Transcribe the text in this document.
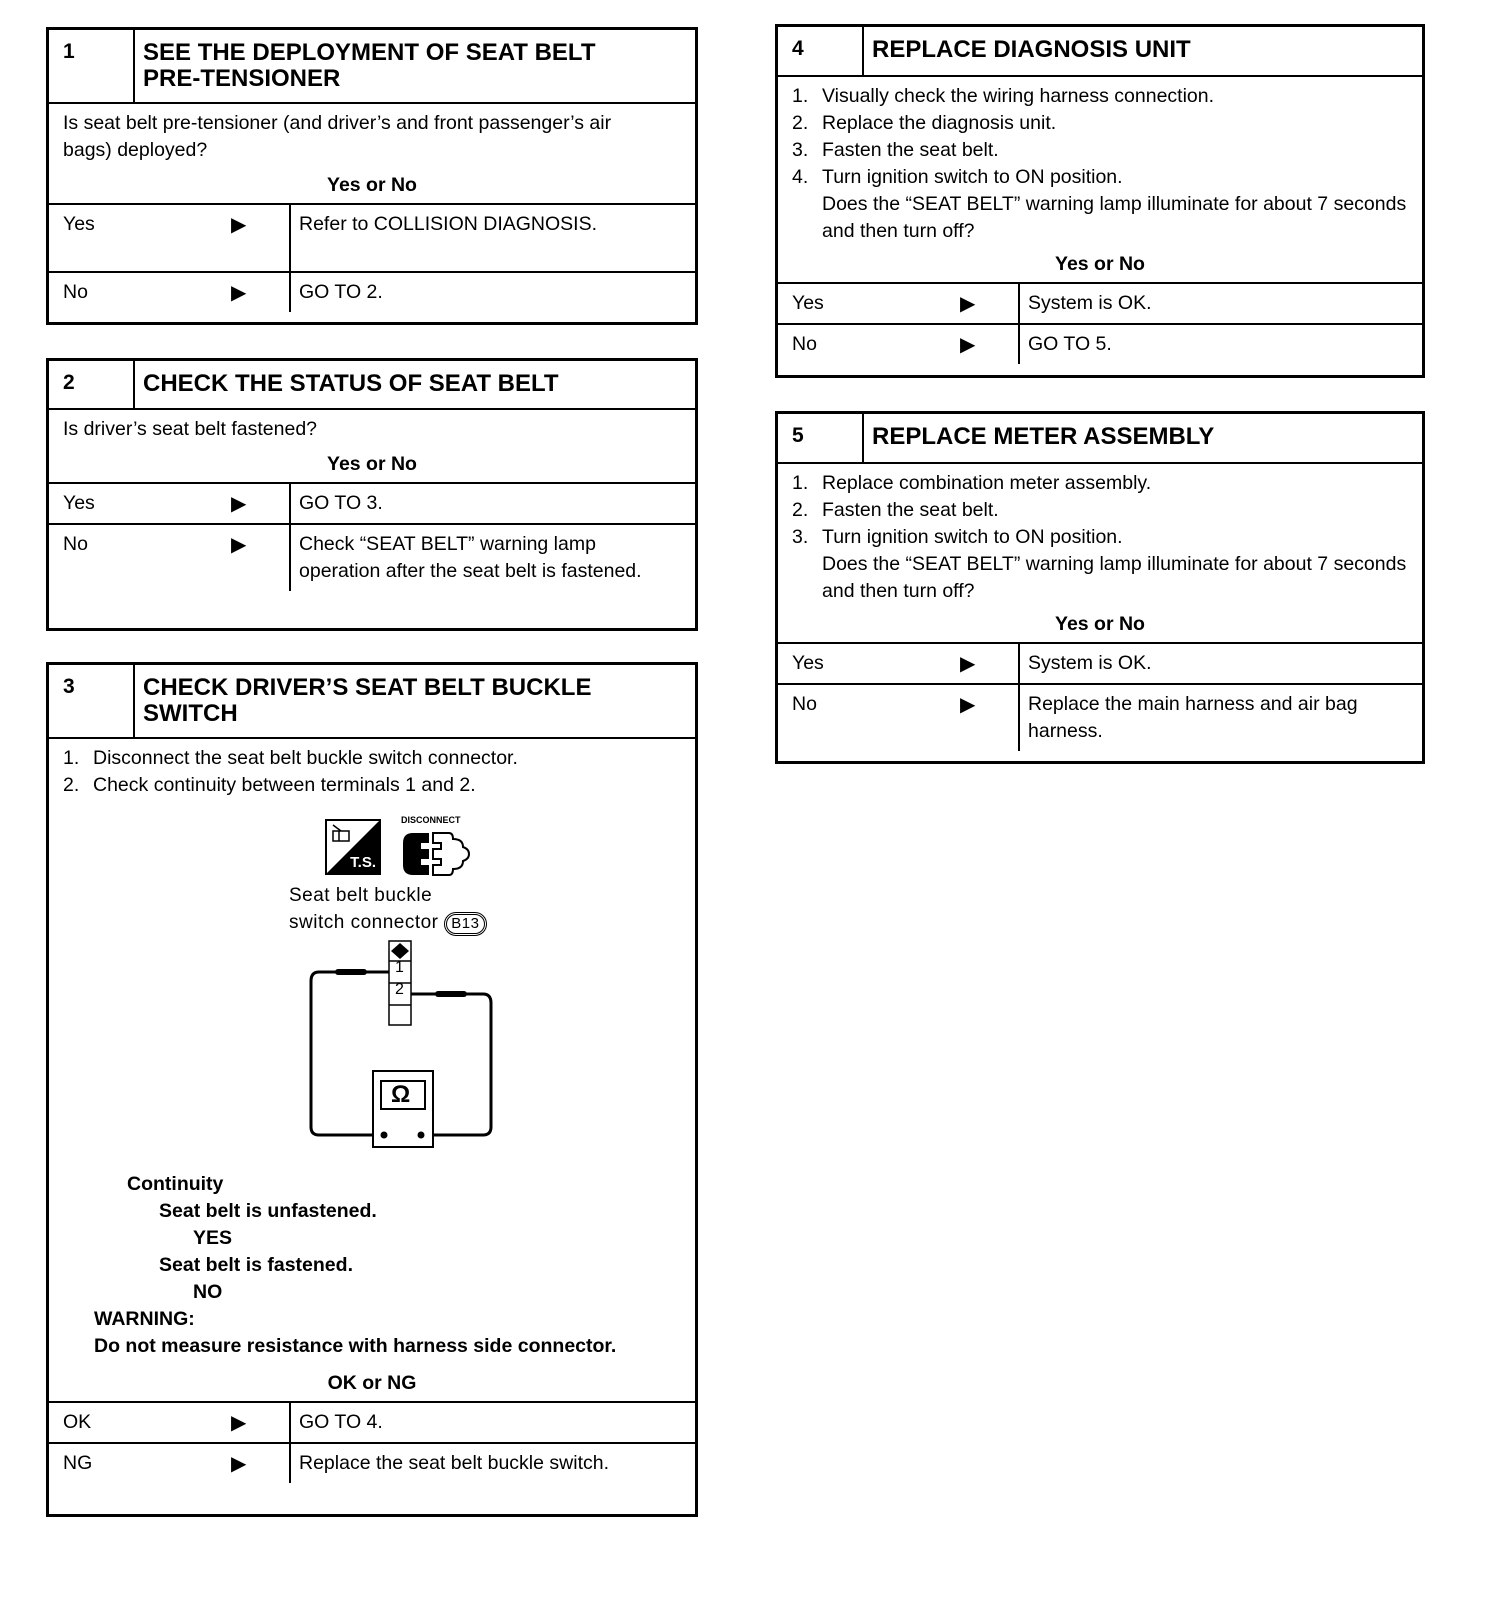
1	SEE THE DEPLOYMENT OF SEAT BELT PRE-TENSIONER

Is seat belt pre-tensioner (and driver’s and front passenger’s air bags) deployed?

Yes or No
Yes	▶	Refer to COLLISION DIAGNOSIS.
No	▶	GO TO 2.
2	CHECK THE STATUS OF SEAT BELT

Is driver’s seat belt fastened?

Yes or No
Yes	▶	GO TO 3.
No	▶	Check “SEAT BELT” warning lamp operation after the seat belt is fastened.
3	CHECK DRIVER’S SEAT BELT BUCKLE SWITCH
1. Disconnect the seat belt buckle switch connector.
2. Check continuity between terminals 1 and 2.
T.S.
DISCONNECT
Seat belt buckle
switch connector B13
1
2
Ω
Continuity
Seat belt is unfastened.
YES
Seat belt is fastened.
NO
WARNING:
Do not measure resistance with harness side connector.
OK or NG
OK	▶	GO TO 4.
NG	▶	Replace the seat belt buckle switch.
4	REPLACE DIAGNOSIS UNIT
1. Visually check the wiring harness connection.
2. Replace the diagnosis unit.
3. Fasten the seat belt.
4. Turn ignition switch to ON position.
Does the “SEAT BELT” warning lamp illuminate for about 7 seconds and then turn off?
Yes or No
Yes	▶	System is OK.
No	▶	GO TO 5.
5	REPLACE METER ASSEMBLY
1. Replace combination meter assembly.
2. Fasten the seat belt.
3. Turn ignition switch to ON position.
Does the “SEAT BELT” warning lamp illuminate for about 7 seconds and then turn off?
Yes or No
Yes	▶	System is OK.
No	▶	Replace the main harness and air bag harness.
